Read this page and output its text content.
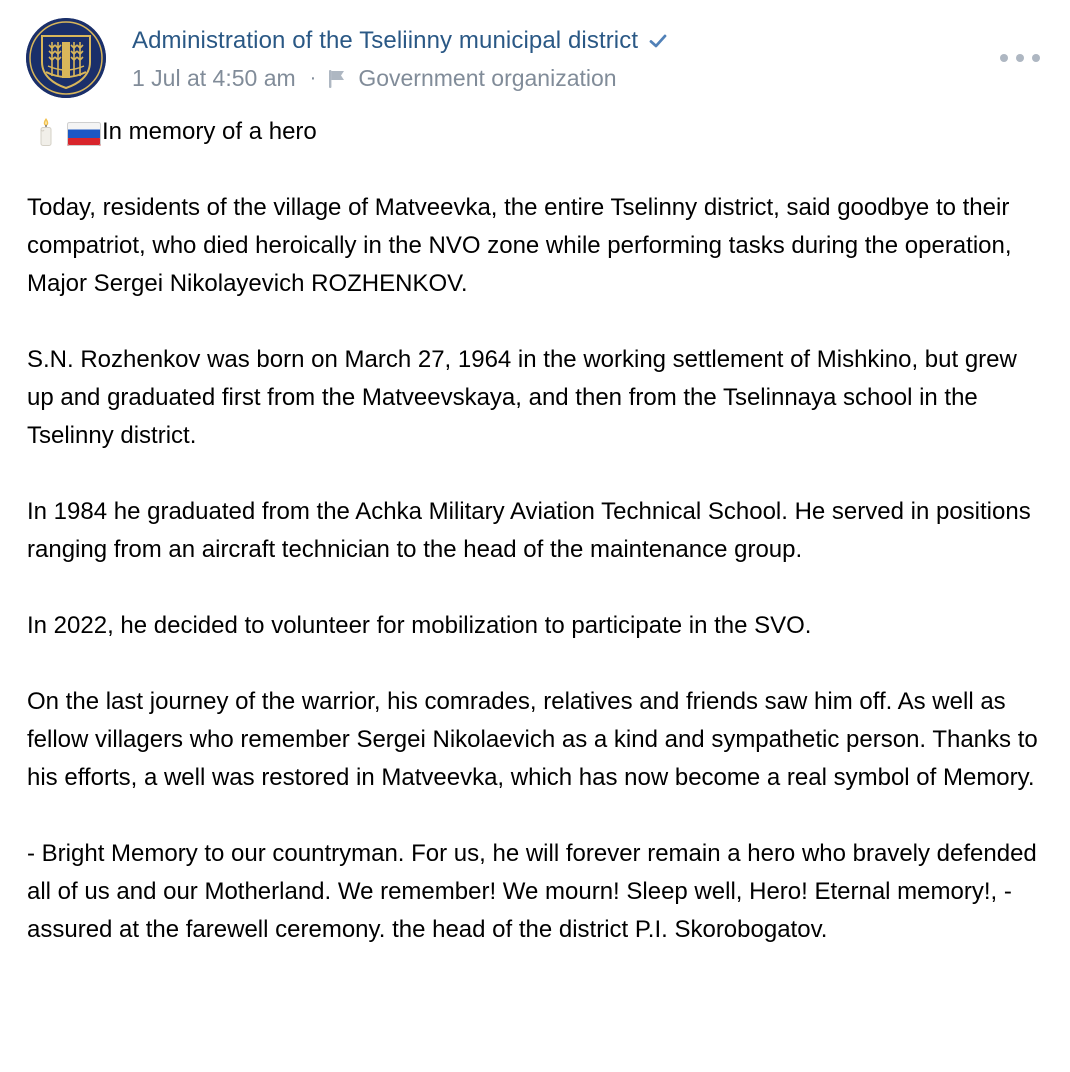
Administration of the Tseliinny municipal district
1 Jul at 4:50 am · Government organization
In memory of a hero

Today, residents of the village of Matveevka, the entire Tselinny district, said goodbye to their compatriot, who died heroically in the NVO zone while performing tasks during the operation, Major Sergei Nikolayevich ROZHENKOV.

S.N. Rozhenkov was born on March 27, 1964 in the working settlement of Mishkino, but grew up and graduated first from the Matveevskaya, and then from the Tselinnaya school in the Tselinny district.

In 1984 he graduated from the Achka Military Aviation Technical School. He served in positions ranging from an aircraft technician to the head of the maintenance group.

In 2022, he decided to volunteer for mobilization to participate in the SVO.

On the last journey of the warrior, his comrades, relatives and friends saw him off. As well as fellow villagers who remember Sergei Nikolaevich as a kind and sympathetic person. Thanks to his efforts, a well was restored in Matveevka, which has now become a real symbol of Memory.

- Bright Memory to our countryman. For us, he will forever remain a hero who bravely defended all of us and our Motherland. We remember! We mourn! Sleep well, Hero! Eternal memory!, - assured at the farewell ceremony. the head of the district P.I. Skorobogatov.
